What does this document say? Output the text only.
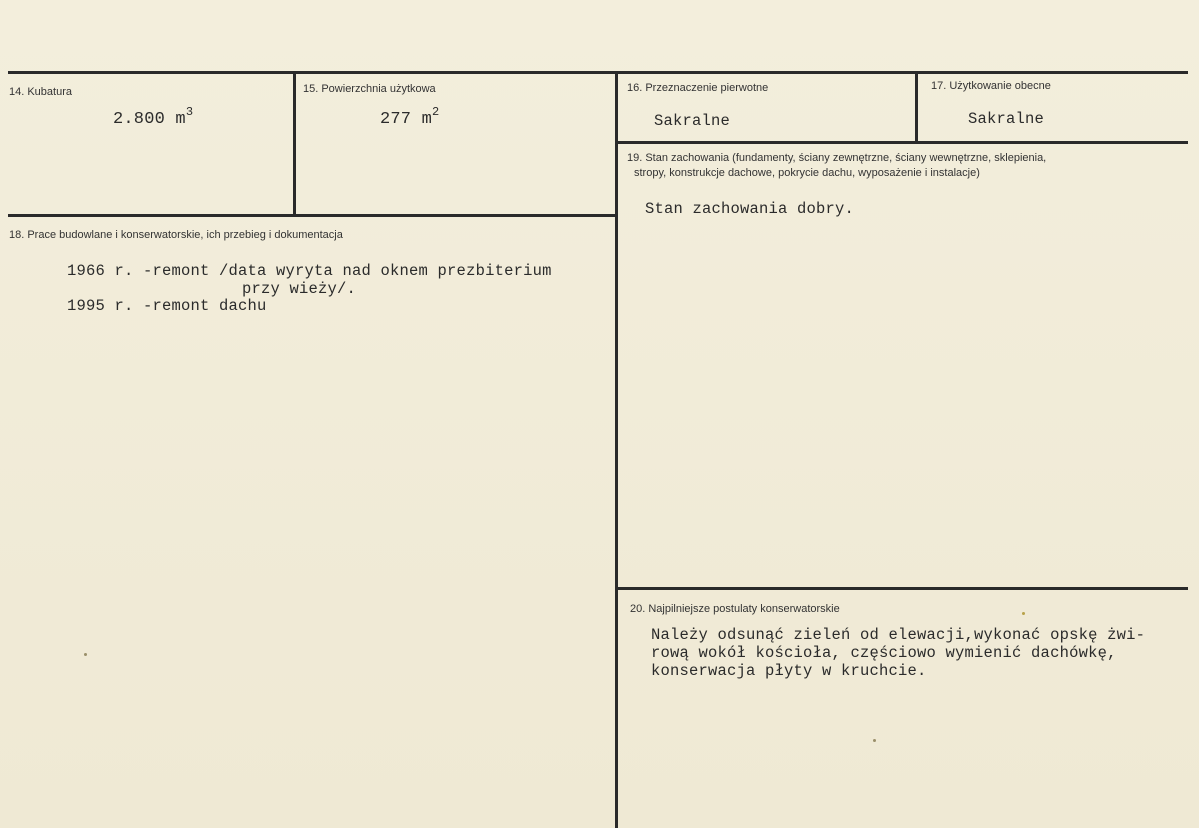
14. Kubatura
2.800 $m^3$
15. Powierzchnia użytkowa
277 $m^2$
16. Przeznaczenie pierwotne
Sakralne
17. Użytkowanie obecne
Sakralne
19. Stan zachowania (fundamenty, ściany zewnętrzne, ściany wewnętrzne, sklepienia,
stropy, konstrukcje dachowe, pokrycie dachu, wyposażenie i instalacje)
Stan zachowania dobry.
18. Prace budowlane i konserwatorskie, ich przebieg i dokumentacja
1966 r. -remont /data wyryta nad oknem prezbiterium
przy wieży/.
1995 r. -remont dachu
20. Najpilniejsze postulaty konserwatorskie
Należy odsunąć zieleń od elewacji,wykonać opskę żwi-
rową wokół kościoła, częściowo wymienić dachówkę,
konserwacja płyty w kruchcie.
